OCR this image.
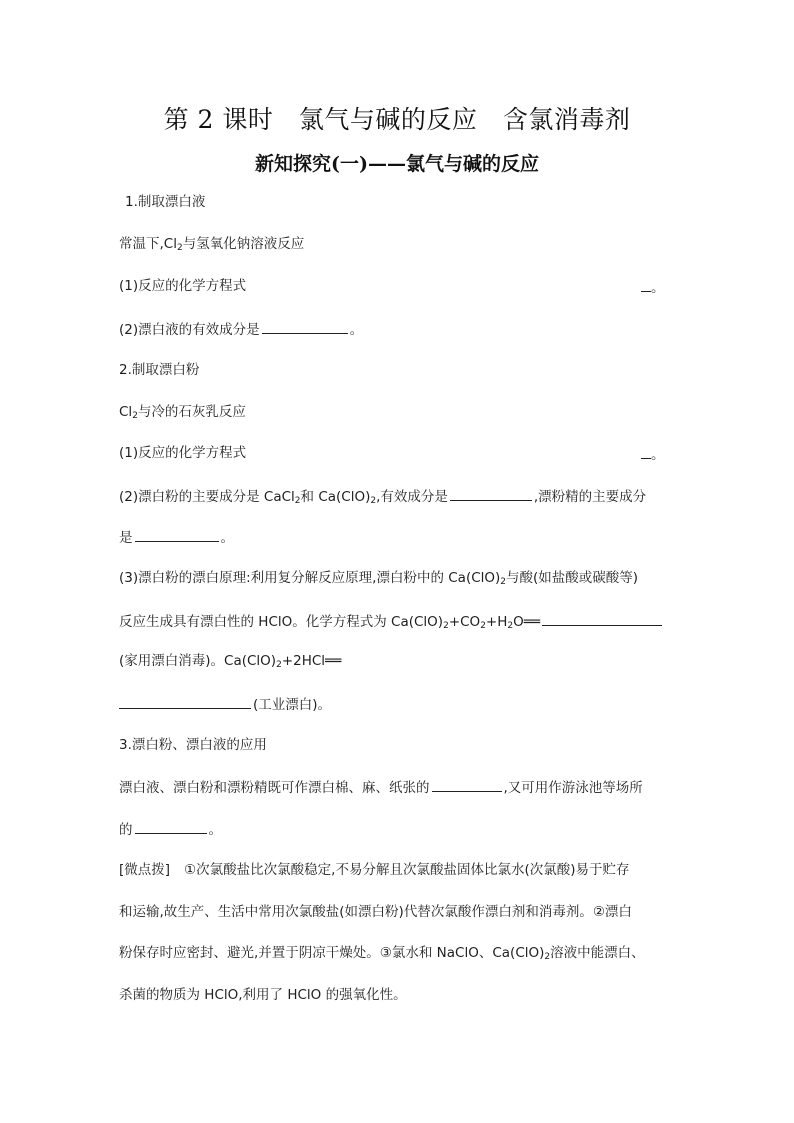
第 2 课时　氯气与碱的反应　含氯消毒剂
新知探究(一)——氯气与碱的反应
1.制取漂白液
常温下$,Cl_2$与氢氧化钠溶液反应
(1)反应的化学方程式	。
(2)漂白液的有效成分是	。
2.制取漂白粉
$Cl_2$与冷的石灰乳反应
(1)反应的化学方程式	。
(2)漂白粉的主要成分是 CaCl$_2$和 $Ca(ClO)_2$,有效成分是	,漂粉精的主要成分
是	。
(3)漂白粉的漂白原理:利用复分解反应原理,漂白粉中的 $Ca(ClO)_2$与酸(如盐酸或碳酸等)
反应生成具有漂白性的 HClO。化学方程式为 $Ca(ClO)_2+CO_2+H_2O══$
(家用漂白消毒)。$Ca(ClO)_2+2HCl══$
(工业漂白)。
3.漂白粉、漂白液的应用
漂白液、漂白粉和漂粉精既可作漂白棉、麻、纸张的	,又可用作游泳池等场所
的	。
[微点拨] ①次氯酸盐比次氯酸稳定,不易分解且次氯酸盐固体比氯水(次氯酸)易于贮存
和运输,故生产、生活中常用次氯酸盐(如漂白粉)代替次氯酸作漂白剂和消毒剂。②漂白
粉保存时应密封、避光,并置于阴凉干燥处。③氯水和 NaClO、$Ca(ClO)_2$溶液中能漂白、
杀菌的物质为 HClO,利用了 HClO 的强氧化性。
